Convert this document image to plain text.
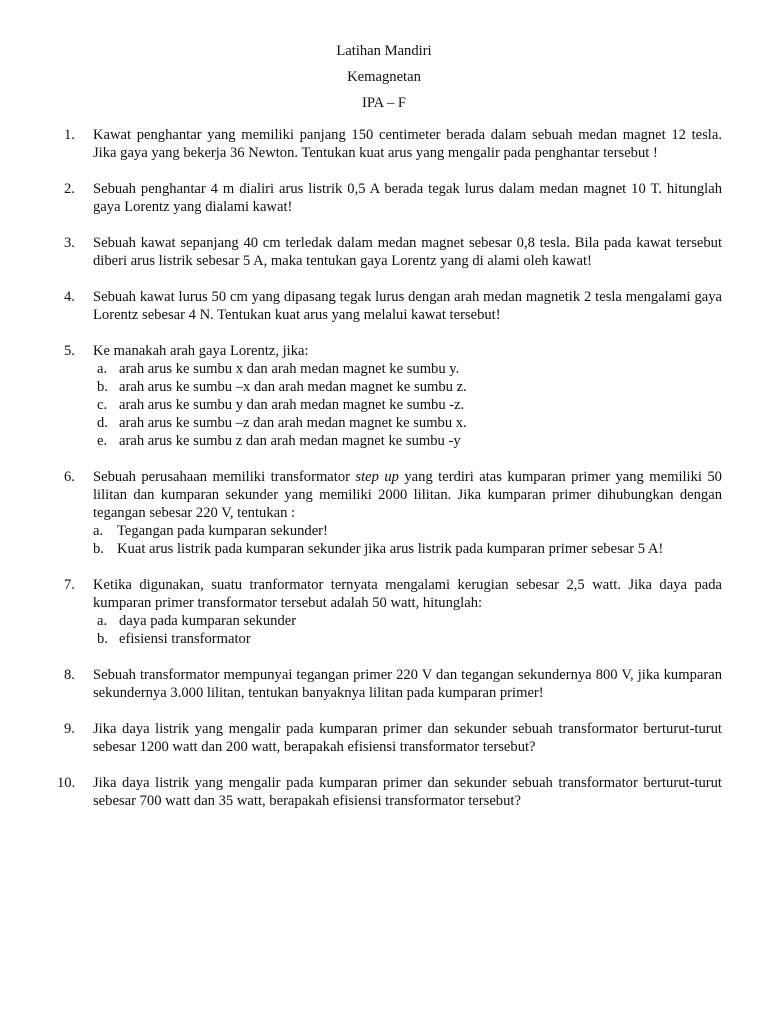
Latihan Mandiri
Kemagnetan
IPA – F
1.	Kawat penghantar yang memiliki panjang 150 centimeter berada dalam sebuah medan magnet 12 tesla. Jika gaya yang bekerja 36 Newton. Tentukan kuat arus yang mengalir pada penghantar tersebut !

2.	Sebuah penghantar 4 m dialiri arus listrik 0,5 A berada tegak lurus dalam medan magnet 10 T. hitunglah gaya Lorentz yang dialami kawat!

3.	Sebuah kawat sepanjang 40 cm terledak dalam medan magnet sebesar 0,8 tesla. Bila pada kawat tersebut diberi arus listrik sebesar 5 A, maka tentukan gaya Lorentz yang di alami oleh kawat!

4.	Sebuah kawat lurus 50 cm yang dipasang tegak lurus dengan arah medan magnetik 2 tesla mengalami gaya Lorentz sebesar 4 N. Tentukan kuat arus yang melalui kawat tersebut!

5.	Ke manakah arah gaya Lorentz, jika:

a. arah arus ke sumbu x dan arah medan magnet ke sumbu y.
b. arah arus ke sumbu –x dan arah medan magnet ke sumbu z.
c. arah arus ke sumbu y dan arah medan magnet ke sumbu -z.
d. arah arus ke sumbu –z dan arah medan magnet ke sumbu x.
e. arah arus ke sumbu z dan arah medan magnet ke sumbu -y
6.	Sebuah perusahaan memiliki transformator step up yang terdiri atas kumparan primer yang memiliki 50 lilitan dan kumparan sekunder yang memiliki 2000 lilitan. Jika kumparan primer dihubungkan dengan tegangan sebesar 220 V, tentukan :

a. Tegangan pada kumparan sekunder!
b. Kuat arus listrik pada kumparan sekunder jika arus listrik pada kumparan primer sebesar 5 A!
7.	Ketika digunakan, suatu tranformator ternyata mengalami kerugian sebesar 2,5 watt. Jika daya pada kumparan primer transformator tersebut adalah 50 watt, hitunglah:

a. daya pada kumparan sekunder
b. efisiensi transformator
8.	Sebuah transformator mempunyai tegangan primer 220 V dan tegangan sekundernya 800 V, jika kumparan sekundernya 3.000 lilitan, tentukan banyaknya lilitan pada kumparan primer!

9.	Jika daya listrik yang mengalir pada kumparan primer dan sekunder sebuah transformator berturut-turut sebesar 1200 watt dan 200 watt, berapakah efisiensi transformator tersebut?

10.	Jika daya listrik yang mengalir pada kumparan primer dan sekunder sebuah transformator berturut-turut sebesar 700 watt dan 35 watt, berapakah efisiensi transformator tersebut?
